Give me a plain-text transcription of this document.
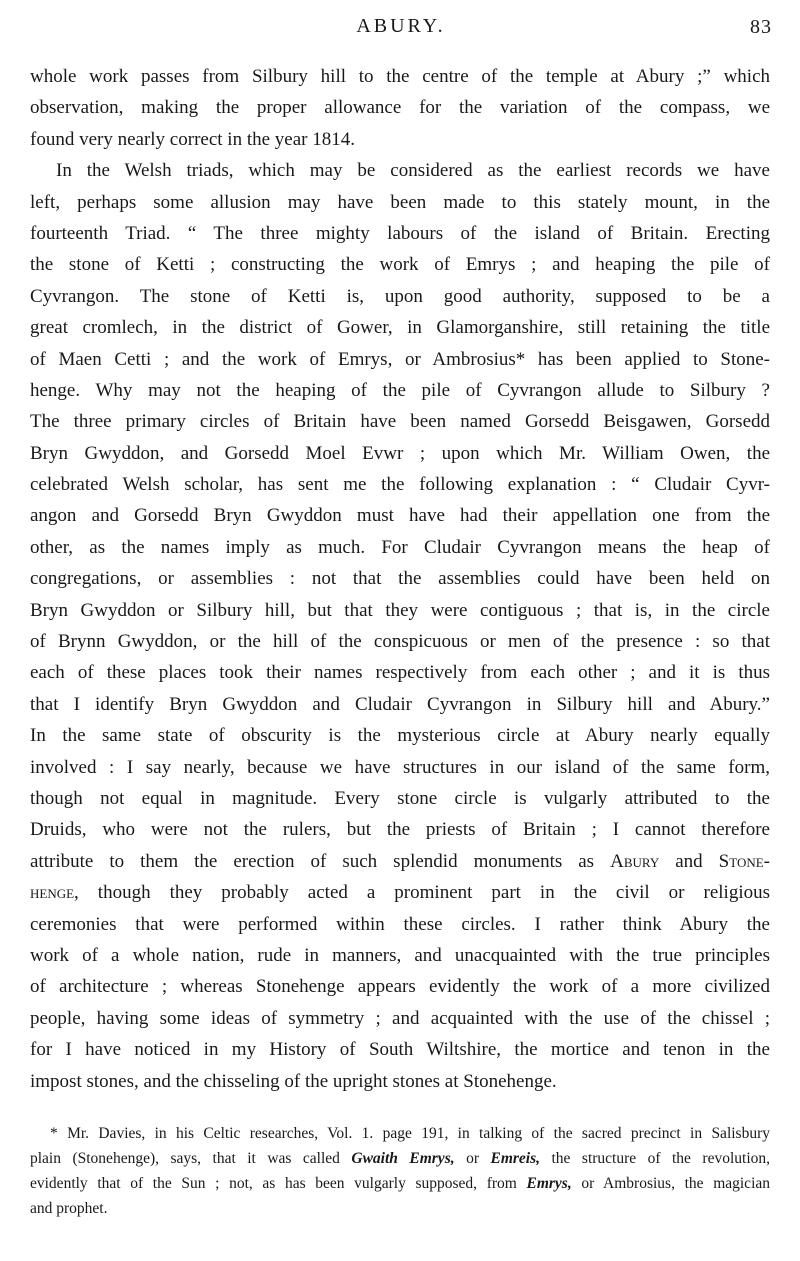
ABURY.	83
whole work passes from Silbury hill to the centre of the temple at Abury ;” which
observation, making the proper allowance for the variation of the compass, we
found very nearly correct in the year 1814.
In the Welsh triads, which may be considered as the earliest records we have
left, perhaps some allusion may have been made to this stately mount, in the
fourteenth Triad. “ The three mighty labours of the island of Britain. Erecting
the stone of Ketti ; constructing the work of Emrys ; and heaping the pile of
Cyvrangon. The stone of Ketti is, upon good authority, supposed to be a
great cromlech, in the district of Gower, in Glamorganshire, still retaining the title
of Maen Cetti ; and the work of Emrys, or Ambrosius* has been applied to Stone-
henge. Why may not the heaping of the pile of Cyvrangon allude to Silbury ?
The three primary circles of Britain have been named Gorsedd Beisgawen, Gorsedd
Bryn Gwyddon, and Gorsedd Moel Evwr ; upon which Mr. William Owen, the
celebrated Welsh scholar, has sent me the following explanation : “ Cludair Cyvr-
angon and Gorsedd Bryn Gwyddon must have had their appellation one from the
other, as the names imply as much. For Cludair Cyvrangon means the heap of
congregations, or assemblies : not that the assemblies could have been held on
Bryn Gwyddon or Silbury hill, but that they were contiguous ; that is, in the circle
of Brynn Gwyddon, or the hill of the conspicuous or men of the presence : so that
each of these places took their names respectively from each other ; and it is thus
that I identify Bryn Gwyddon and Cludair Cyvrangon in Silbury hill and Abury.”
In the same state of obscurity is the mysterious circle at Abury nearly equally
involved : I say nearly, because we have structures in our island of the same form,
though not equal in magnitude. Every stone circle is vulgarly attributed to the
Druids, who were not the rulers, but the priests of Britain ; I cannot therefore
attribute to them the erection of such splendid monuments as Abury and Stone-
henge, though they probably acted a prominent part in the civil or religious
ceremonies that were performed within these circles. I rather think Abury the
work of a whole nation, rude in manners, and unacquainted with the true principles
of architecture ; whereas Stonehenge appears evidently the work of a more civilized
people, having some ideas of symmetry ; and acquainted with the use of the chissel ;
for I have noticed in my History of South Wiltshire, the mortice and tenon in the
impost stones, and the chisseling of the upright stones at Stonehenge.
* Mr. Davies, in his Celtic researches, Vol. 1. page 191, in talking of the sacred precinct in Salisbury
plain (Stonehenge), says, that it was called Gwaith Emrys, or Emreis, the structure of the revolution,
evidently that of the Sun ; not, as has been vulgarly supposed, from Emrys, or Ambrosius, the magician
and prophet.
